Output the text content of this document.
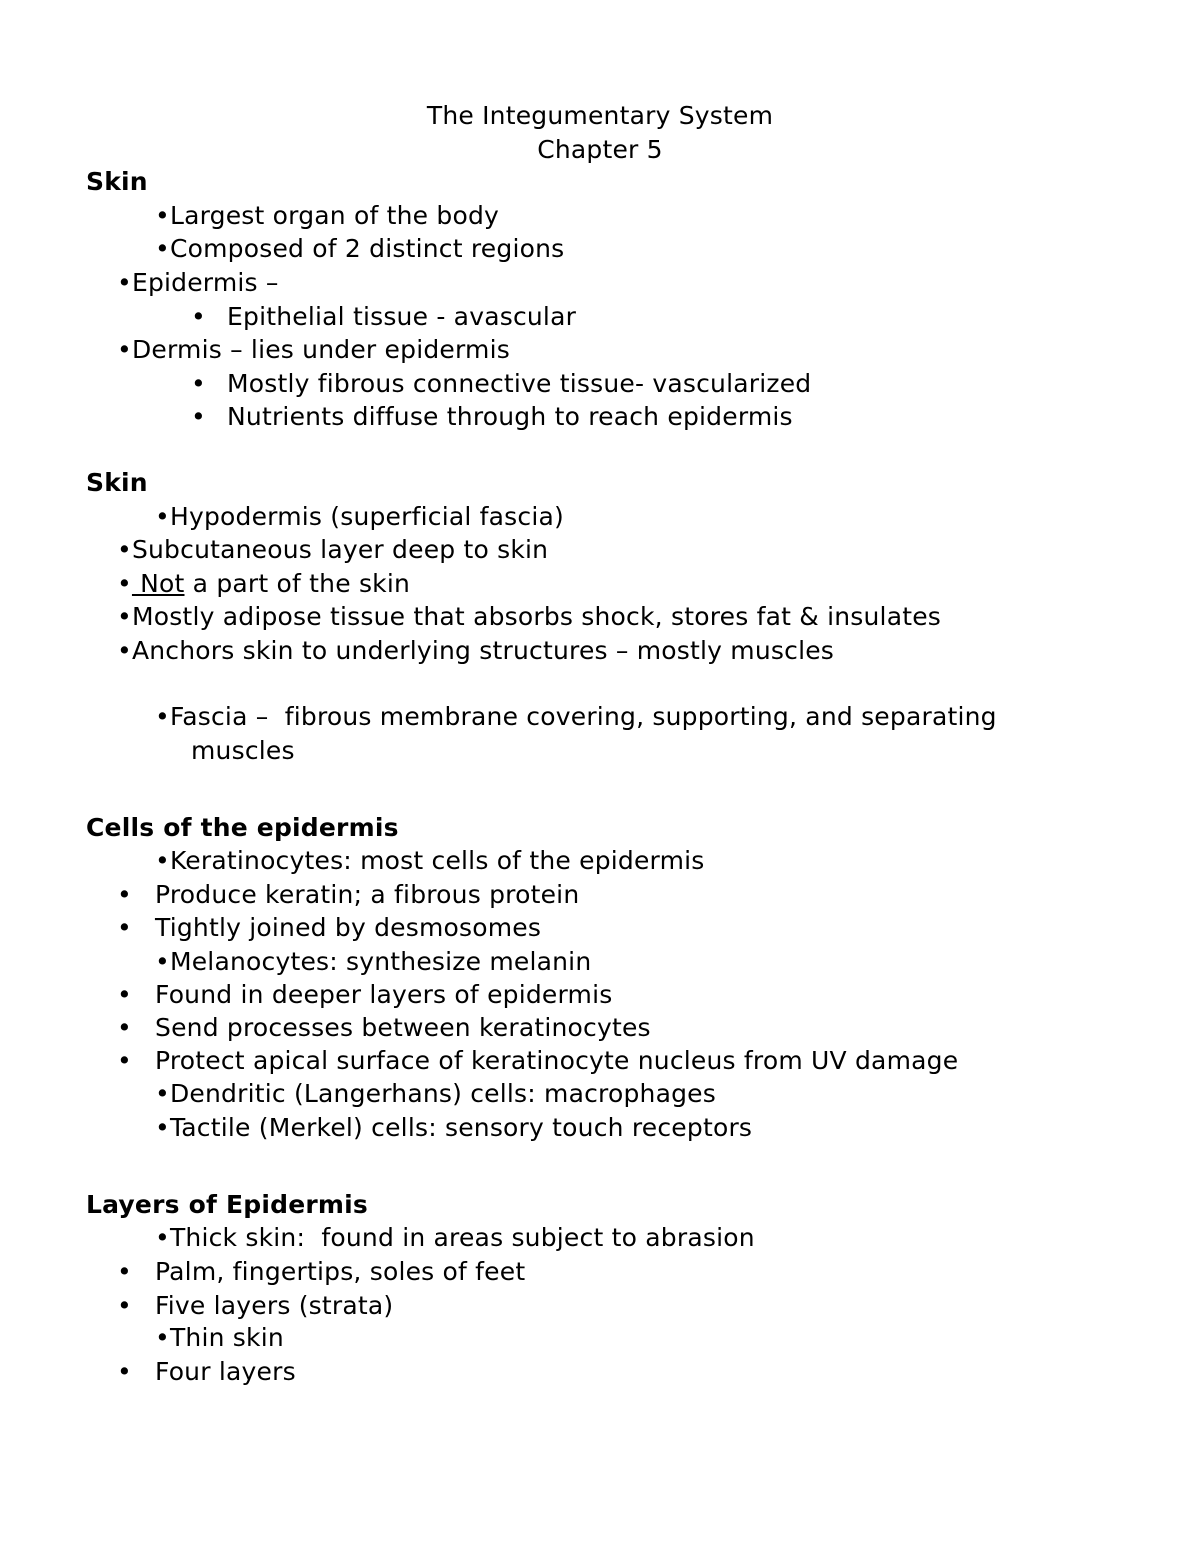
The Integumentary System
Chapter 5
Skin
•Largest organ of the body
•Composed of 2 distinct regions
•Epidermis –
• Epithelial tissue - avascular
•Dermis – lies under epidermis
• Mostly fibrous connective tissue- vascularized
• Nutrients diffuse through to reach epidermis
Skin
•Hypodermis (superficial fascia)
•Subcutaneous layer deep to skin
• Not a part of the skin
•Mostly adipose tissue that absorbs shock, stores fat & insulates
•Anchors skin to underlying structures – mostly muscles
•Fascia –  fibrous membrane covering, supporting, and separating
muscles
Cells of the epidermis
•Keratinocytes: most cells of the epidermis
• Produce keratin; a fibrous protein
• Tightly joined by desmosomes
•Melanocytes: synthesize melanin
• Found in deeper layers of epidermis
• Send processes between keratinocytes
• Protect apical surface of keratinocyte nucleus from UV damage
•Dendritic (Langerhans) cells: macrophages
•Tactile (Merkel) cells: sensory touch receptors
Layers of Epidermis
•Thick skin:  found in areas subject to abrasion
• Palm, fingertips, soles of feet
• Five layers (strata)
•Thin skin
• Four layers
